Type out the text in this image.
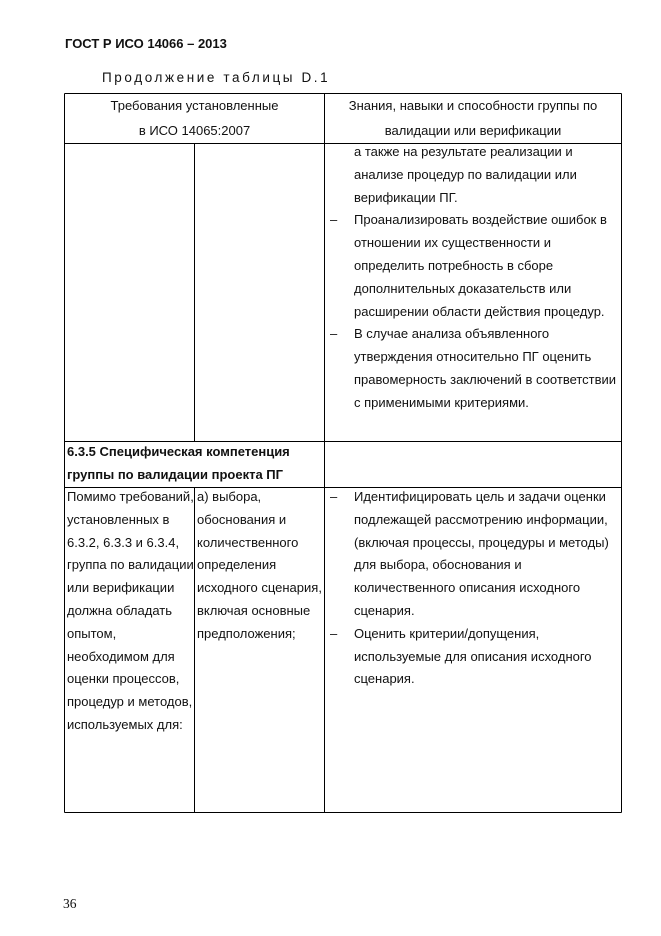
ГОСТ Р ИСО 14066 – 2013
Продолжение таблицы D.1
Требования установленные
в ИСО 14065:2007
Знания, навыки и способности группы по
валидации или верификации
а также на результате реализации и анализе процедур по валидации или верификации ПГ.
– Проанализировать воздействие ошибок в отношении их существенности и определить потребность в сборе дополнительных доказательств или расширении области действия процедур.
– В случае анализа объявленного утверждения относительно ПГ оценить правомерность заключений в соответствии с применимыми критериями.
6.3.5 Специфическая компетенция группы по валидации проекта ПГ
Помимо требований, установленных в 6.3.2, 6.3.3 и 6.3.4, группа по валидации или верификации должна обладать опытом, необходимом для оценки процессов, процедур и методов, используемых для:
а) выбора, обоснования и количественного определения исходного сценария, включая основные предположения;
– Идентифицировать цель и задачи оценки подлежащей рассмотрению информации, (включая процессы, процедуры и методы) для выбора, обоснования и количественного описания исходного сценария.
– Оценить критерии/допущения, используемые для описания исходного сценария.
36
